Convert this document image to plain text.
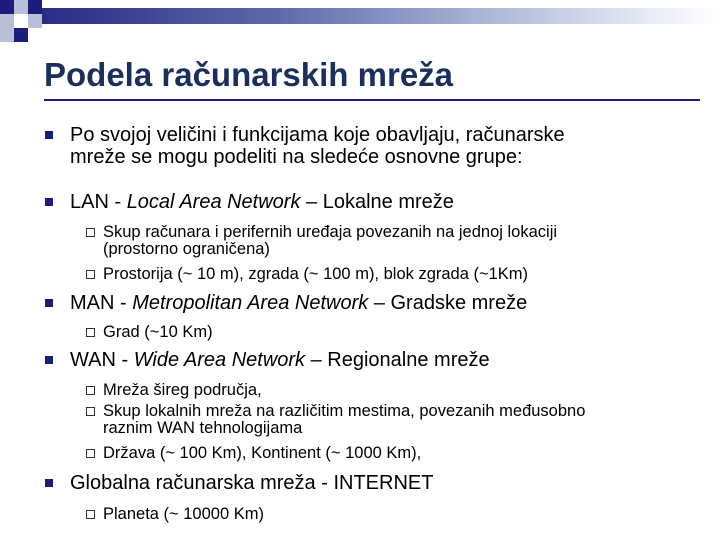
Podela računarskih mreža
Po svojoj veličini i funkcijama koje obavljaju, računarske
mreže se mogu podeliti na sledeće osnovne grupe:
LAN - Local Area Network – Lokalne mreže
Skup računara i perifernih uređaja povezanih na jednoj lokaciji
(prostorno ograničena)
Prostorija (~ 10 m), zgrada (~ 100 m), blok zgrada (~1Km)
MAN - Metropolitan Area Network – Gradske mreže
Grad (~10 Km)
WAN - Wide Area Network – Regionalne mreže
Mreža šireg područja,
Skup lokalnih mreža na različitim mestima, povezanih međusobno
raznim WAN tehnologijama
Država (~ 100 Km), Kontinent (~ 1000 Km),
Globalna računarska mreža - INTERNET
Planeta (~ 10000 Km)
